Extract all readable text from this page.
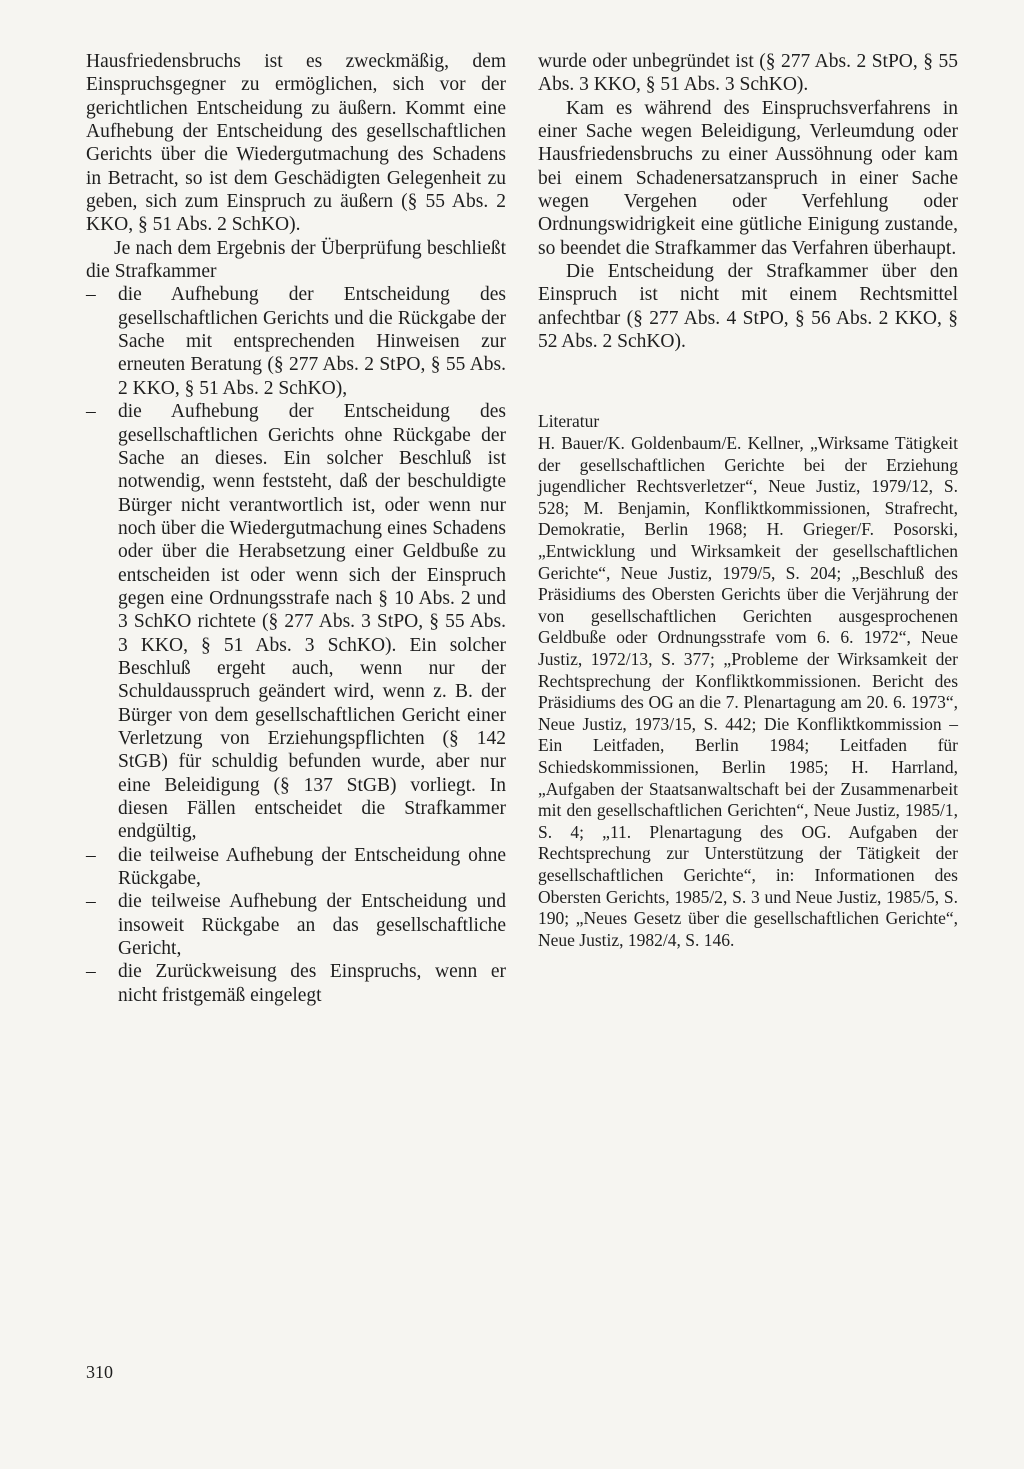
Hausfriedensbruchs ist es zweckmäßig, dem Einspruchsgegner zu ermöglichen, sich vor der gerichtlichen Entscheidung zu äußern. Kommt eine Aufhebung der Entscheidung des gesellschaftlichen Gerichts über die Wiedergutmachung des Schadens in Betracht, so ist dem Geschädigten Gelegenheit zu geben, sich zum Einspruch zu äußern (§ 55 Abs. 2 KKO, § 51 Abs. 2 SchKO).

Je nach dem Ergebnis der Überprüfung beschließt die Strafkammer

– die Aufhebung der Entscheidung des gesellschaftlichen Gerichts und die Rückgabe der Sache mit entsprechenden Hinweisen zur erneuten Beratung (§ 277 Abs. 2 StPO, § 55 Abs. 2 KKO, § 51 Abs. 2 SchKO),
– die Aufhebung der Entscheidung des gesellschaftlichen Gerichts ohne Rückgabe der Sache an dieses. Ein solcher Beschluß ist notwendig, wenn feststeht, daß der beschuldigte Bürger nicht verantwortlich ist, oder wenn nur noch über die Wiedergutmachung eines Schadens oder über die Herabsetzung einer Geldbuße zu entscheiden ist oder wenn sich der Einspruch gegen eine Ordnungsstrafe nach § 10 Abs. 2 und 3 SchKO richtete (§ 277 Abs. 3 StPO, § 55 Abs. 3 KKO, § 51 Abs. 3 SchKO). Ein solcher Beschluß ergeht auch, wenn nur der Schuldausspruch geändert wird, wenn z. B. der Bürger von dem gesellschaftlichen Gericht einer Verletzung von Erziehungspflichten (§ 142 StGB) für schuldig befunden wurde, aber nur eine Beleidigung (§ 137 StGB) vorliegt. In diesen Fällen entscheidet die Strafkammer endgültig,
– die teilweise Aufhebung der Entscheidung ohne Rückgabe,
– die teilweise Aufhebung der Entscheidung und insoweit Rückgabe an das gesellschaftliche Gericht,
– die Zurückweisung des Einspruchs, wenn er nicht fristgemäß eingelegt

wurde oder unbegründet ist (§ 277 Abs. 2 StPO, § 55 Abs. 3 KKO, § 51 Abs. 3 SchKO).

Kam es während des Einspruchsverfahrens in einer Sache wegen Beleidigung, Verleumdung oder Hausfriedensbruchs zu einer Aussöhnung oder kam bei einem Schadenersatzanspruch in einer Sache wegen Vergehen oder Verfehlung oder Ordnungswidrigkeit eine gütliche Einigung zustande, so beendet die Strafkammer das Verfahren überhaupt.

Die Entscheidung der Strafkammer über den Einspruch ist nicht mit einem Rechtsmittel anfechtbar (§ 277 Abs. 4 StPO, § 56 Abs. 2 KKO, § 52 Abs. 2 SchKO).

Literatur

H. Bauer/K. Goldenbaum/E. Kellner, „Wirksame Tätigkeit der gesellschaftlichen Gerichte bei der Erziehung jugendlicher Rechtsverletzer“, Neue Justiz, 1979/12, S. 528; M. Benjamin, Konfliktkommissionen, Strafrecht, Demokratie, Berlin 1968; H. Grieger/F. Posorski, „Entwicklung und Wirksamkeit der gesellschaftlichen Gerichte“, Neue Justiz, 1979/5, S. 204; „Beschluß des Präsidiums des Obersten Gerichts über die Verjährung der von gesellschaftlichen Gerichten ausgesprochenen Geldbuße oder Ordnungsstrafe vom 6. 6. 1972“, Neue Justiz, 1972/13, S. 377; „Probleme der Wirksamkeit der Rechtsprechung der Konfliktkommissionen. Bericht des Präsidiums des OG an die 7. Plenartagung am 20. 6. 1973“, Neue Justiz, 1973/15, S. 442; Die Konfliktkommission – Ein Leitfaden, Berlin 1984; Leitfaden für Schiedskommissionen, Berlin 1985; H. Harrland, „Aufgaben der Staatsanwaltschaft bei der Zusammenarbeit mit den gesellschaftlichen Gerichten“, Neue Justiz, 1985/1, S. 4; „11. Plenartagung des OG. Aufgaben der Rechtsprechung zur Unterstützung der Tätigkeit der gesellschaftlichen Gerichte“, in: Informationen des Obersten Gerichts, 1985/2, S. 3 und Neue Justiz, 1985/5, S. 190; „Neues Gesetz über die gesellschaftlichen Gerichte“, Neue Justiz, 1982/4, S. 146.

310
